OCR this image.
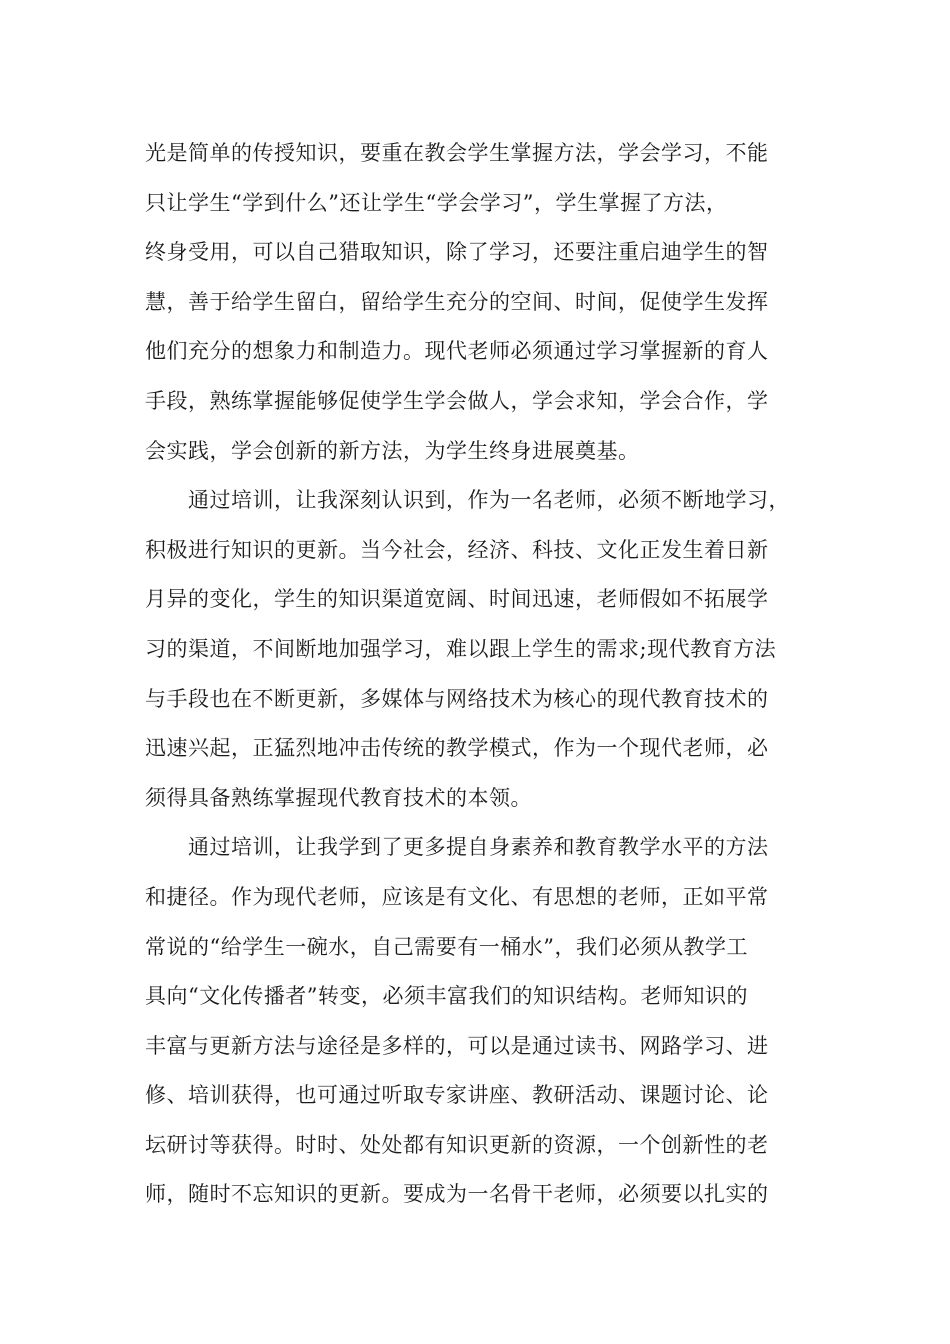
光是简单的传授知识，要重在教会学生掌握方法，学会学习，不能
只让学生“学到什么”还让学生“学会学习”，学生掌握了方法，
终身受用，可以自己猎取知识，除了学习，还要注重启迪学生的智
慧，善于给学生留白，留给学生充分的空间、时间，促使学生发挥
他们充分的想象力和制造力。现代老师必须通过学习掌握新的育人
手段，熟练掌握能够促使学生学会做人，学会求知，学会合作，学
会实践，学会创新的新方法，为学生终身进展奠基。
　　通过培训，让我深刻认识到，作为一名老师，必须不断地学习，
积极进行知识的更新。当今社会，经济、科技、文化正发生着日新
月异的变化，学生的知识渠道宽阔、时间迅速，老师假如不拓展学
习的渠道，不间断地加强学习，难以跟上学生的需求;现代教育方法
与手段也在不断更新，多媒体与网络技术为核心的现代教育技术的
迅速兴起，正猛烈地冲击传统的教学模式，作为一个现代老师，必
须得具备熟练掌握现代教育技术的本领。
　　通过培训，让我学到了更多提自身素养和教育教学水平的方法
和捷径。作为现代老师，应该是有文化、有思想的老师，正如平常
常说的“给学生一碗水，自己需要有一桶水”，我们必须从教学工
具向“文化传播者”转变，必须丰富我们的知识结构。老师知识的
丰富与更新方法与途径是多样的，可以是通过读书、网路学习、进
修、培训获得，也可通过听取专家讲座、教研活动、课题讨论、论
坛研讨等获得。时时、处处都有知识更新的资源，一个创新性的老
师，随时不忘知识的更新。要成为一名骨干老师，必须要以扎实的
